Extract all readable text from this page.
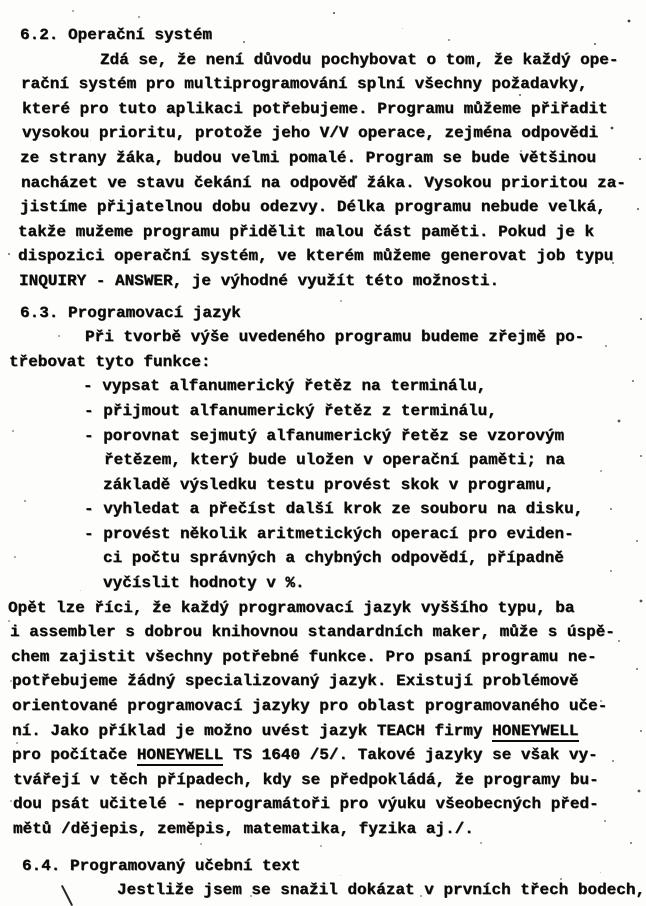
6.2. Operační systém
Zdá se, že není důvodu pochybovat o tom, že každý ope-
rační systém pro multiprogramování splní všechny požadavky,
které pro tuto aplikaci potřebujeme. Programu můžeme přiřadit
vysokou prioritu, protože jeho V/V operace, zejména odpovědi
ze strany žáka, budou velmi pomalé. Program se bude většinou
nacházet ve stavu čekání na odpověď žáka. Vysokou prioritou za-
jistíme přijatelnou dobu odezvy. Délka programu nebude velká,
takže mužeme programu přidělit malou část paměti. Pokud je k
dispozici operační systém, ve kterém můžeme generovat job typu
INQUIRY - ANSWER, je výhodné využít této možnosti.
6.3. Programovací jazyk
Při tvorbě výše uvedeného programu budeme zřejmě po-
třebovat tyto funkce:
- vypsat alfanumerický řetěz na terminálu,
- přijmout alfanumerický řetěz z terminálu,
- porovnat sejmutý alfanumerický řetěz se vzorovým
řetězem, který bude uložen v operační paměti; na
základě výsledku testu provést skok v programu,
- vyhledat a přečíst další krok ze souboru na disku,
- provést několik aritmetických operací pro eviden-
ci počtu správných a chybných odpovědí, případně
vyčíslit hodnoty v %.
Opět lze říci, že každý programovací jazyk vyššího typu, ba
i assembler s dobrou knihovnou standardních maker, může s úspě-
chem zajistit všechny potřebné funkce. Pro psaní programu ne-
potřebujeme žádný specializovaný jazyk. Existují problémově
orientované programovací jazyky pro oblast programovaného uče-
ní. Jako příklad je možno uvést jazyk TEACH firmy HONEYWELL
pro počítače HONEYWELL TS 1640 /5/. Takové jazyky se však vy-
tvářejí v těch případech, kdy se předpokládá, že programy bu-
dou psát učitelé - neprogramátoři pro výuku všeobecných před-
mětů /dějepis, zeměpis, matematika, fyzika aj./.
6.4. Programovaný učební text
Jestliže jsem se snažil dokázat v prvních třech bodech,
